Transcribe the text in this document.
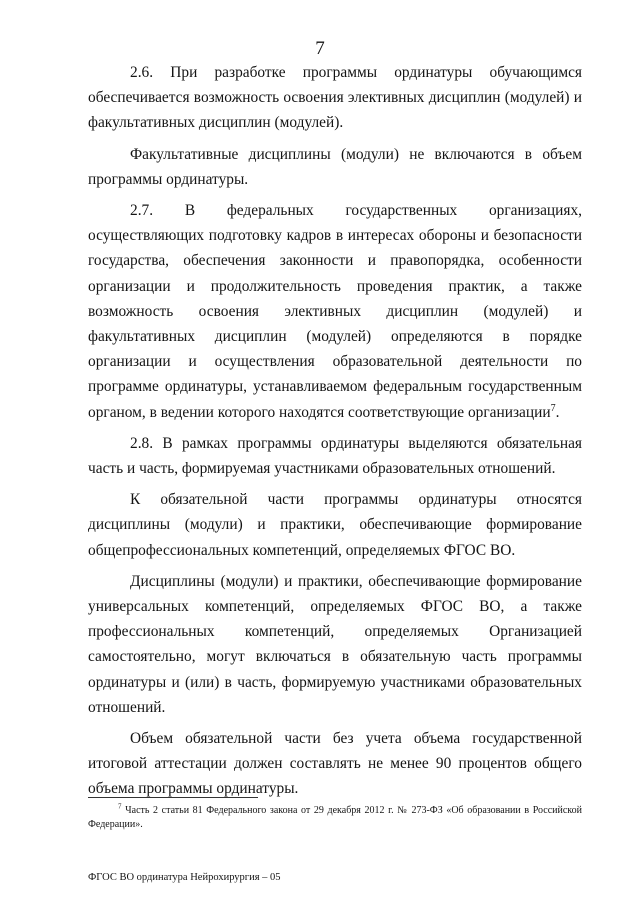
7

2.6. При разработке программы ординатуры обучающимся обеспечивается возможность освоения элективных дисциплин (модулей) и факультативных дисциплин (модулей).

Факультативные дисциплины (модули) не включаются в объем программы ординатуры.

2.7. В федеральных государственных организациях, осуществляющих подготовку кадров в интересах обороны и безопасности государства, обеспечения законности и правопорядка, особенности организации и продолжительность проведения практик, а также возможность освоения элективных дисциплин (модулей) и факультативных дисциплин (модулей) определяются в порядке организации и осуществления образовательной деятельности по программе ординатуры, устанавливаемом федеральным государственным органом, в ведении которого находятся соответствующие организации$^7$.

2.8. В рамках программы ординатуры выделяются обязательная часть и часть, формируемая участниками образовательных отношений.

К обязательной части программы ординатуры относятся дисциплины (модули) и практики, обеспечивающие формирование общепрофессиональных компетенций, определяемых ФГОС ВО.

Дисциплины (модули) и практики, обеспечивающие формирование универсальных компетенций, определяемых ФГОС ВО, а также профессиональных компетенций, определяемых Организацией самостоятельно, могут включаться в обязательную часть программы ординатуры и (или) в часть, формируемую участниками образовательных отношений.

Объем обязательной части без учета объема государственной итоговой аттестации должен составлять не менее 90 процентов общего объема программы ординатуры.

$^7$ Часть 2 статьи 81 Федерального закона от 29 декабря 2012 г. № 273-ФЗ «Об образовании в Российской Федерации».
ФГОС ВО ординатура Нейрохирургия – 05
